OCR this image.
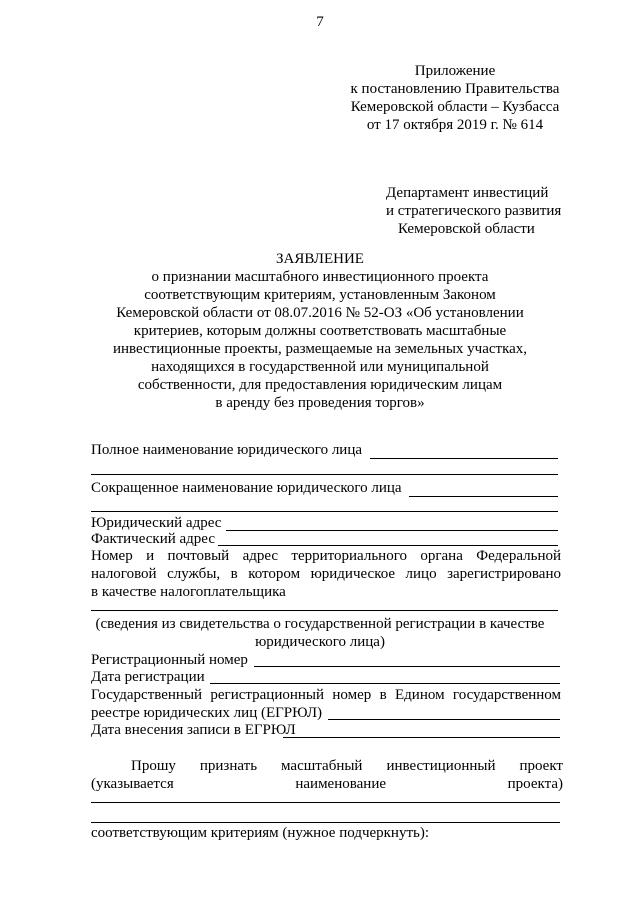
7
Приложение
к постановлению Правительства
Кемеровской области – Кузбасса
от 17 октября 2019 г. № 614
Департамент инвестиций
и стратегического развития
Кемеровской области
ЗАЯВЛЕНИЕ
о признании масштабного инвестиционного проекта
соответствующим критериям, установленным Законом
Кемеровской области от 08.07.2016 № 52-ОЗ «Об установлении
критериев, которым должны соответствовать масштабные
инвестиционные проекты, размещаемые на земельных участках,
находящихся в государственной или муниципальной
собственности, для предоставления юридическим лицам
в аренду без проведения торгов»
Полное наименование юридического лица
Сокращенное наименование юридического лица
Юридический адрес
Фактический адрес
Номер и почтовый адрес территориального органа Федеральной
налоговой службы, в котором юридическое лицо зарегистрировано
в качестве налогоплательщика
(сведения из свидетельства о государственной регистрации в качестве
юридического лица)
Регистрационный номер
Дата регистрации
Государственный регистрационный номер в Едином государственном
реестре юридических лиц (ЕГРЮЛ)
Дата внесения записи в ЕГРЮЛ
Прошу признать масштабный инвестиционный проект
(указывается наименование проекта)
соответствующим критериям (нужное подчеркнуть):
